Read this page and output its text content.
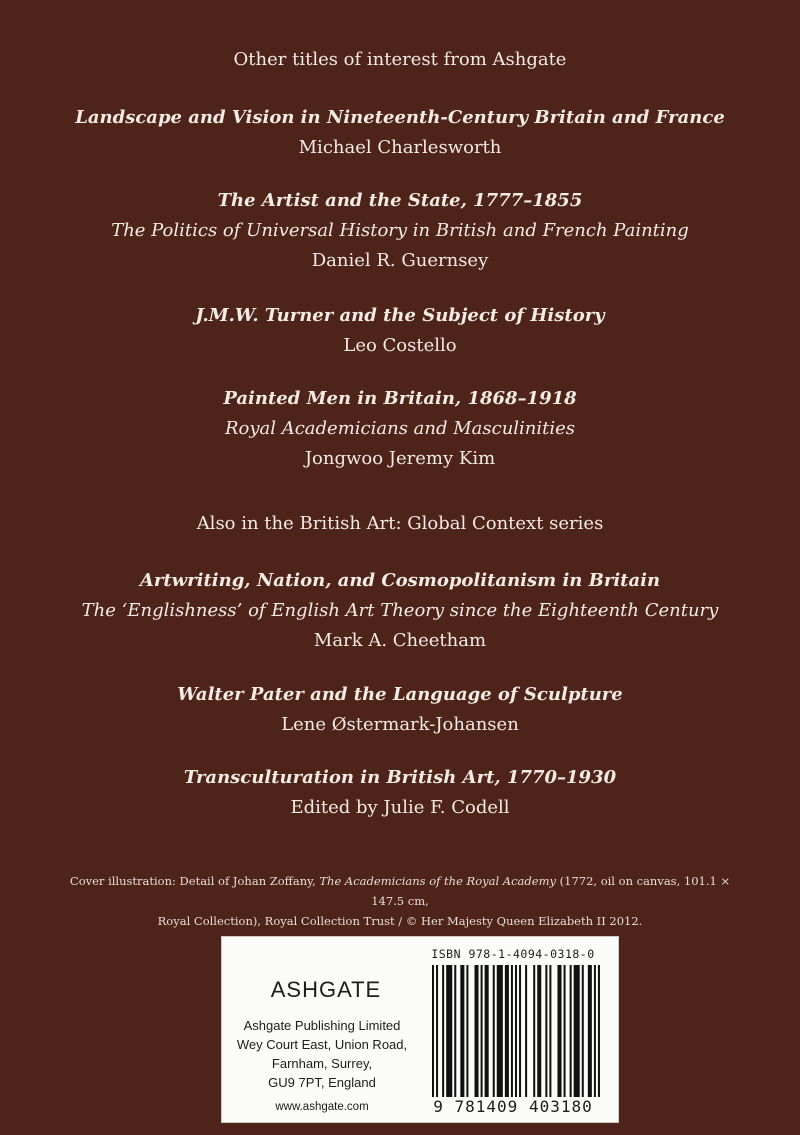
Other titles of interest from Ashgate
Landscape and Vision in Nineteenth-Century Britain and France
Michael Charlesworth
The Artist and the State, 1777–1855
The Politics of Universal History in British and French Painting
Daniel R. Guernsey
J.M.W. Turner and the Subject of History
Leo Costello
Painted Men in Britain, 1868–1918
Royal Academicians and Masculinities
Jongwoo Jeremy Kim
Also in the British Art: Global Context series
Artwriting, Nation, and Cosmopolitanism in Britain
The ‘Englishness’ of English Art Theory since the Eighteenth Century
Mark A. Cheetham
Walter Pater and the Language of Sculpture
Lene Østermark-Johansen
Transculturation in British Art, 1770–1930
Edited by Julie F. Codell
Cover illustration: Detail of Johan Zoffany, The Academicians of the Royal Academy (1772, oil on canvas, 101.1 × 147.5 cm,
Royal Collection), Royal Collection Trust / © Her Majesty Queen Elizabeth II 2012.
ASHGATE
Ashgate Publishing Limited
Wey Court East, Union Road,
Farnham, Surrey,
GU9 7PT, England
www.ashgate.com
ISBN 978-1-4094-0318-0
9 781409 403180
